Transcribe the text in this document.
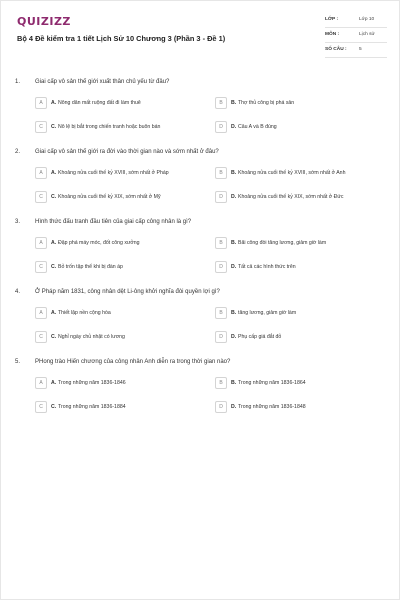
QUIZIZZ
Bộ 4 Đề kiểm tra 1 tiết Lịch Sử 10 Chương 3 (Phần 3 - Đề 1)
LỚP :	Lớp 10
MÔN :	Lịch sử
SỐ CÂU :	5
1. Giai cấp vô sản thế giới xuất thân chủ yếu từ đâu?
A	A. Nông dân mất ruộng đất đi làm thuê	B	B. Thợ thủ công bị phá sản
C	C. Nô lệ bị bắt trong chiến tranh hoặc buôn bán	D	D. Câu A và B đúng
2. Giai cấp vô sản thế giới ra đời vào thời gian nào và sớm nhất ở đâu?
A	A. Khoảng nửa cuối thế kỷ XVIII, sớm nhất ở Pháp	B	B. Khoảng nửa cuối thế kỷ XVIII, sớm nhất ở Anh
C	C. Khoảng nửa cuối thế kỷ XIX, sớm nhất ở Mỹ	D	D. Khoảng nửa cuối thế kỷ XIX, sớm nhất ở Đức
3. Hình thức đấu tranh đầu tiên của giai cấp công nhân là gì?
A	A. Đập phá máy móc, đốt công xưởng	B	B. Bãi công đòi tăng lương, giảm giờ làm
C	C. Bỏ trốn tập thể khi bị đàn áp	D	D. Tất cả các hình thức trên
4. Ở Pháp năm 1831, công nhân dệt Li-ông khởi nghĩa đòi quyền lợi gì?
A	A. Thiết lập nền cộng hòa	B	B. tăng lương, giảm giờ làm
C	C. Nghỉ ngày chủ nhật có lương	D	D. Phụ cấp giá đắt đỏ
5. PHong trào Hiến chương của công nhân Anh diễn ra trong thời gian nào?
A	A. Trong những năm 1836-1846	B	B. Trong những năm 1836-1864
C	C. Trong những năm 1836-1884	D	D. Trong những năm 1836-1848
